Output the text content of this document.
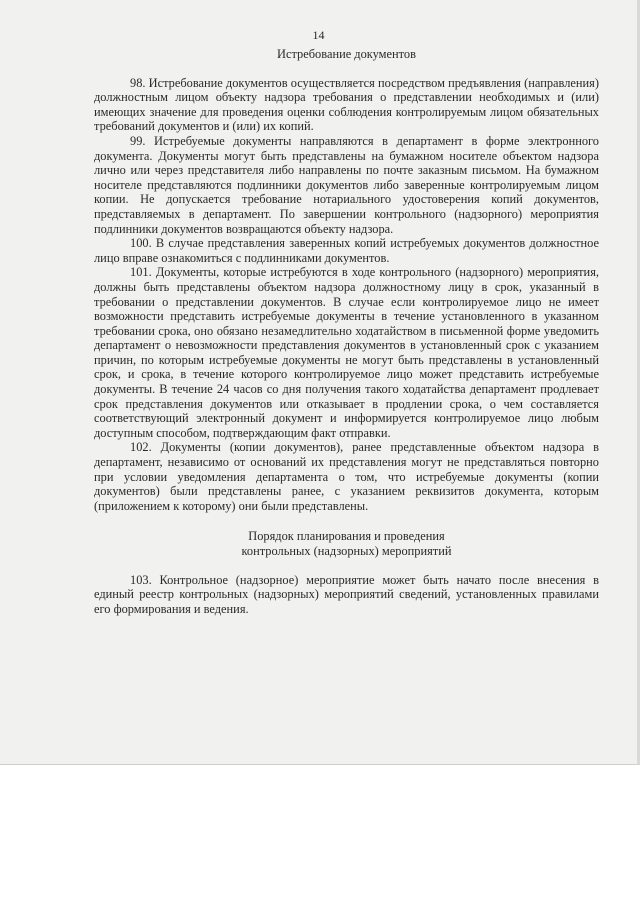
14

Истребование документов

98. Истребование документов осуществляется посредством предъявления (направления) должностным лицом объекту надзора требования о представлении необходимых и (или) имеющих значение для проведения оценки соблюдения контролируемым лицом обязательных требований документов и (или) их копий.

99. Истребуемые документы направляются в департамент в форме электронного документа. Документы могут быть представлены на бумажном носителе объектом надзора лично или через представителя либо направлены по почте заказным письмом. На бумажном носителе представляются подлинники документов либо заверенные контролируемым лицом копии. Не допускается требование нотариального удостоверения копий документов, представляемых в департамент. По завершении контрольного (надзорного) мероприятия подлинники документов возвращаются объекту надзора.

100. В случае представления заверенных копий истребуемых документов должностное лицо вправе ознакомиться с подлинниками документов.

101. Документы, которые истребуются в ходе контрольного (надзорного) мероприятия, должны быть представлены объектом надзора должностному лицу в срок, указанный в требовании о представлении документов. В случае если контролируемое лицо не имеет возможности представить истребуемые документы в течение установленного в указанном требовании срока, оно обязано незамедлительно ходатайством в письменной форме уведомить департамент о невозможности представления документов в установленный срок с указанием причин, по которым истребуемые документы не могут быть представлены в установленный срок, и срока, в течение которого контролируемое лицо может представить истребуемые документы. В течение 24 часов со дня получения такого ходатайства департамент продлевает срок представления документов или отказывает в продлении срока, о чем составляется соответствующий электронный документ и информируется контролируемое лицо любым доступным способом, подтверждающим факт отправки.

102. Документы (копии документов), ранее представленные объектом надзора в департамент, независимо от оснований их представления могут не представляться повторно при условии уведомления департамента о том, что истребуемые документы (копии документов) были представлены ранее, с указанием реквизитов документа, которым (приложением к которому) они были представлены.

Порядок планирования и проведения
контрольных (надзорных) мероприятий

103. Контрольное (надзорное) мероприятие может быть начато после внесения в единый реестр контрольных (надзорных) мероприятий сведений, установленных правилами его формирования и ведения.
